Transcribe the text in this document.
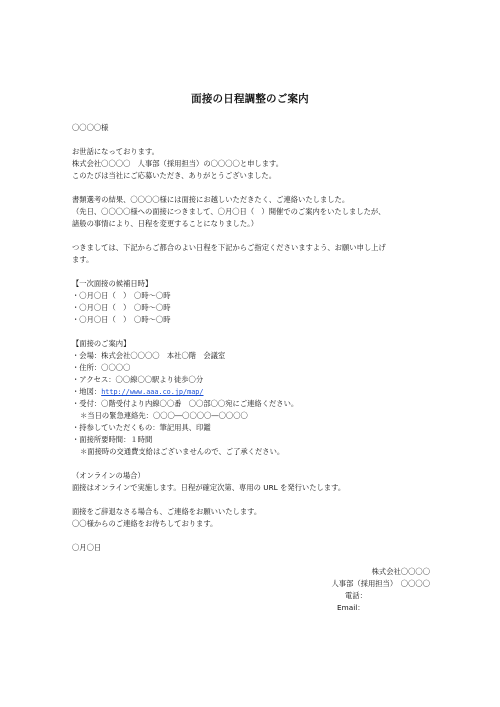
面接の日程調整のご案内
〇〇〇〇様
お世話になっております。
株式会社〇〇〇〇　人事部（採用担当）の〇〇〇〇と申します。
このたびは当社にご応募いただき、ありがとうございました。
書類選考の結果、〇〇〇〇様には面接にお越しいただきたく、ご連絡いたしました。
（先日、〇〇〇〇様への面接につきまして、〇月〇日（　）開催でのご案内をいたしましたが、
諸般の事情により、日程を変更することになりました。）
つきましては、下記からご都合のよい日程を下記からご指定くださいますよう、お願い申し上げ
ます。
【一次面接の候補日時】
・〇月〇日（　）　〇時～〇時
・〇月〇日（　）　〇時～〇時
・〇月〇日（　）　〇時～〇時
【面接のご案内】
・会場：株式会社〇〇〇〇　本社〇階　会議室
・住所：〇〇〇〇
・アクセス：〇〇線〇〇駅より徒歩〇分
・地図：http://www.aaa.co.jp/map/
・受付：〇階受付より内線〇〇番　〇〇部〇〇宛にご連絡ください。
＊当日の緊急連絡先：〇〇〇―〇〇〇〇―〇〇〇〇
・持参していただくもの：筆記用具、印鑑
・面接所要時間：１時間
＊面接時の交通費支給はございませんので、ご了承ください。
（オンラインの場合）
面接はオンラインで実施します。日程が確定次第、専用の URL を発行いたします。
面接をご辞退なさる場合も、ご連絡をお願いいたします。
〇〇様からのご連絡をお待ちしております。
〇月〇日
株式会社〇〇〇〇
人事部（採用担当）　〇〇〇〇
電話：
Email：
